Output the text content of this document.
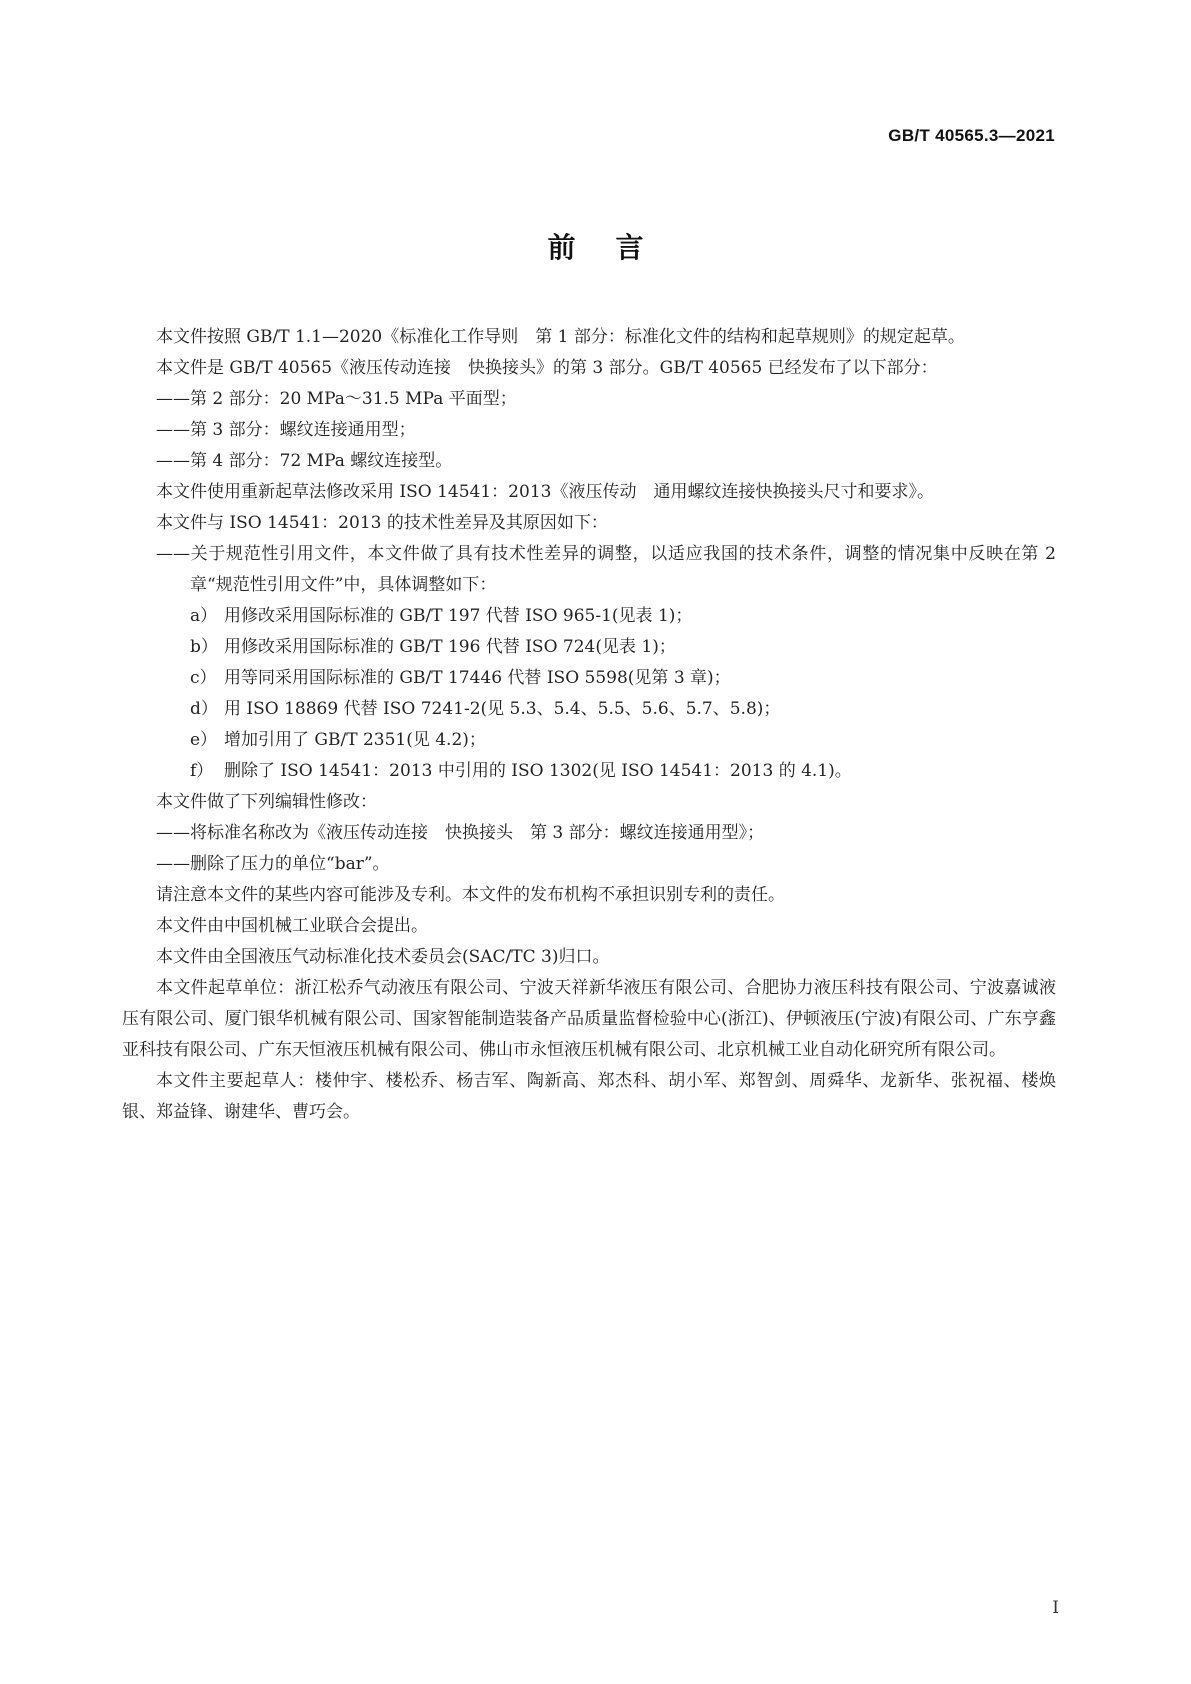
GB/T 40565.3—2021
前言

本文件按照 GB/T 1.1—2020《标准化工作导则　第 1 部分：标准化文件的结构和起草规则》的规定起草。

本文件是 GB/T 40565《液压传动连接　快换接头》的第 3 部分。GB/T 40565 已经发布了以下部分：

——第 2 部分：20 MPa～31.5 MPa 平面型；

——第 3 部分：螺纹连接通用型；

——第 4 部分：72 MPa 螺纹连接型。

本文件使用重新起草法修改采用 ISO 14541：2013《液压传动　通用螺纹连接快换接头尺寸和要求》。

本文件与 ISO 14541：2013 的技术性差异及其原因如下：

——关于规范性引用文件，本文件做了具有技术性差异的调整，以适应我国的技术条件，调整的情况集中反映在第 2 章“规范性引用文件”中，具体调整如下：

a） 用修改采用国际标准的 GB/T 197 代替 ISO 965-1(见表 1)；

b） 用修改采用国际标准的 GB/T 196 代替 ISO 724(见表 1)；

c） 用等同采用国际标准的 GB/T 17446 代替 ISO 5598(见第 3 章)；

d） 用 ISO 18869 代替 ISO 7241-2(见 5.3、5.4、5.5、5.6、5.7、5.8)；

e） 增加引用了 GB/T 2351(见 4.2)；

f） 删除了 ISO 14541：2013 中引用的 ISO 1302(见 ISO 14541：2013 的 4.1)。

本文件做了下列编辑性修改：

——将标准名称改为《液压传动连接　快换接头　第 3 部分：螺纹连接通用型》；

——删除了压力的单位“bar”。

请注意本文件的某些内容可能涉及专利。本文件的发布机构不承担识别专利的责任。

本文件由中国机械工业联合会提出。

本文件由全国液压气动标准化技术委员会(SAC/TC 3)归口。

本文件起草单位：浙江松乔气动液压有限公司、宁波天祥新华液压有限公司、合肥协力液压科技有限公司、宁波嘉诚液压有限公司、厦门银华机械有限公司、国家智能制造装备产品质量监督检验中心(浙江)、伊顿液压(宁波)有限公司、广东亨鑫亚科技有限公司、广东天恒液压机械有限公司、佛山市永恒液压机械有限公司、北京机械工业自动化研究所有限公司。

本文件主要起草人：楼仲宇、楼松乔、杨吉军、陶新高、郑杰科、胡小军、郑智剑、周舜华、龙新华、张祝福、楼焕银、郑益锋、谢建华、曹巧会。

I
